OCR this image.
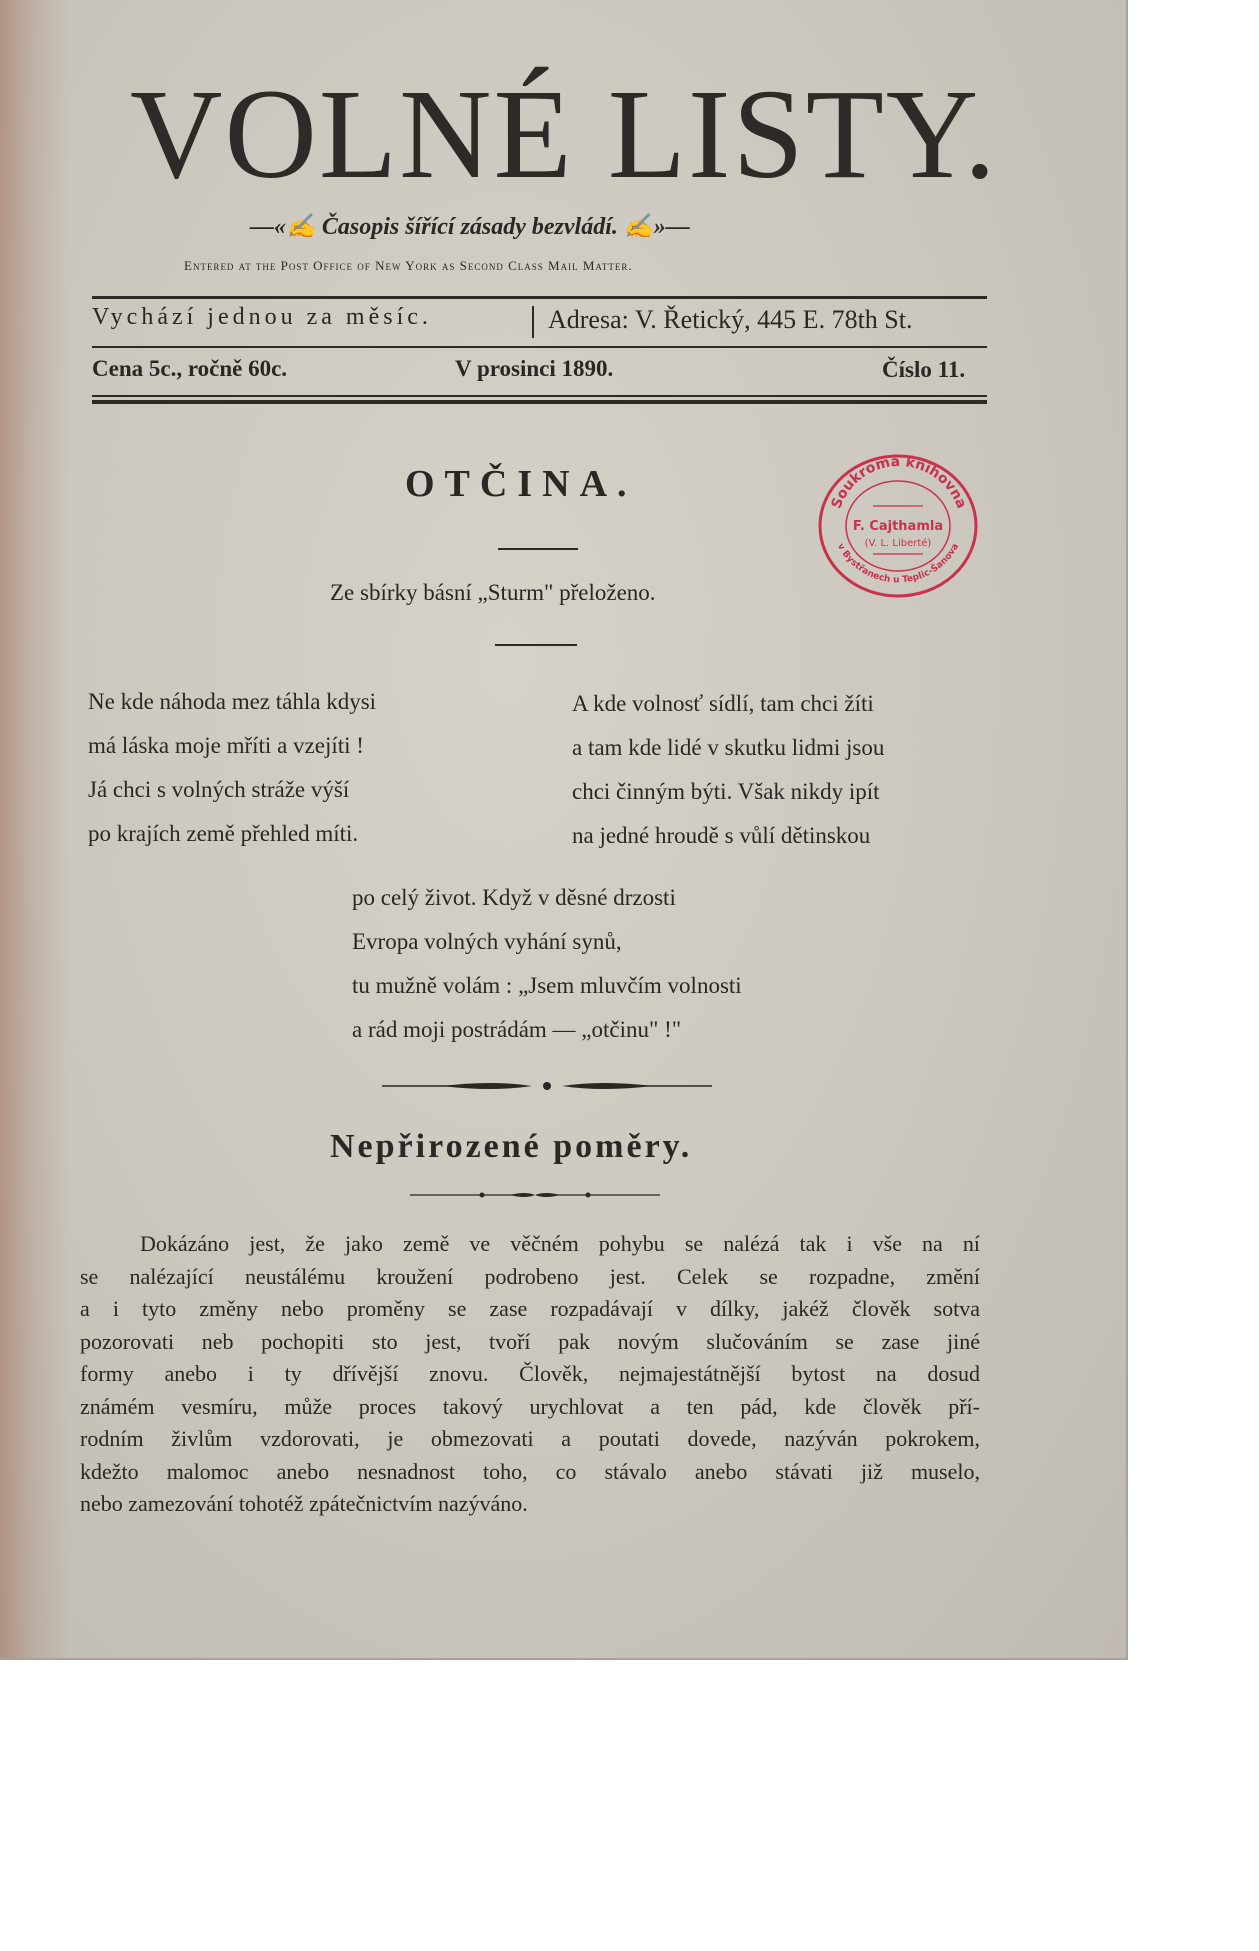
VOLNÉ LISTY.
—«✍ Časopis šířící zásady bezvládí. ✍»—
Entered at the Post Office of New York as Second Class Mail Matter.
Vychází jednou za měsíc.	Adresa: V. Řetický, 445 E. 78th St.
Cena 5c., ročně 60c.	V prosinci 1890.	Číslo 11.
OTČINA.
Ze sbírky básní „Sturm" přeloženo.
Ne kde náhoda mez táhla kdysi
má láska moje mříti a vzejíti !
Já chci s volných stráže výší
po krajích země přehled míti.
A kde volnosť sídlí, tam chci žíti
a tam kde lidé v skutku lidmi jsou
chci činným býti. Však nikdy ipít
na jedné hroudě s vůlí dětinskou
po celý život. Když v děsné drzosti
Evropa volných vyhání synů,
tu mužně volám : „Jsem mluvčím volnosti
a rád moji postrádám — „otčinu" !"
Nepřirozené poměry.
Dokázáno jest, že jako země ve věčném pohybu se nalézá tak i vše na ní
se nalézající neustálému kroužení podrobeno jest. Celek se rozpadne, změní
a i tyto změny nebo proměny se zase rozpadávají v dílky, jakéž člověk sotva
pozorovati neb pochopiti sto jest, tvoří pak novým slučováním se zase jiné
formy anebo i ty dřívější znovu. Člověk, nejmajestátnější bytost na dosud
známém vesmíru, může proces takový urychlovat a ten pád, kde člověk pří-
rodním živlům vzdorovati, je obmezovati a poutati dovede, nazýván pokrokem,
kdežto malomoc anebo nesnadnost toho, co stávalo anebo stávati již muselo,
nebo zamezování tohotéž zpátečnictvím nazýváno.
Soukromá knihovna
v Bystřanech u Teplic-Šanova
F. Cajthamla
(V. L. Liberté)
